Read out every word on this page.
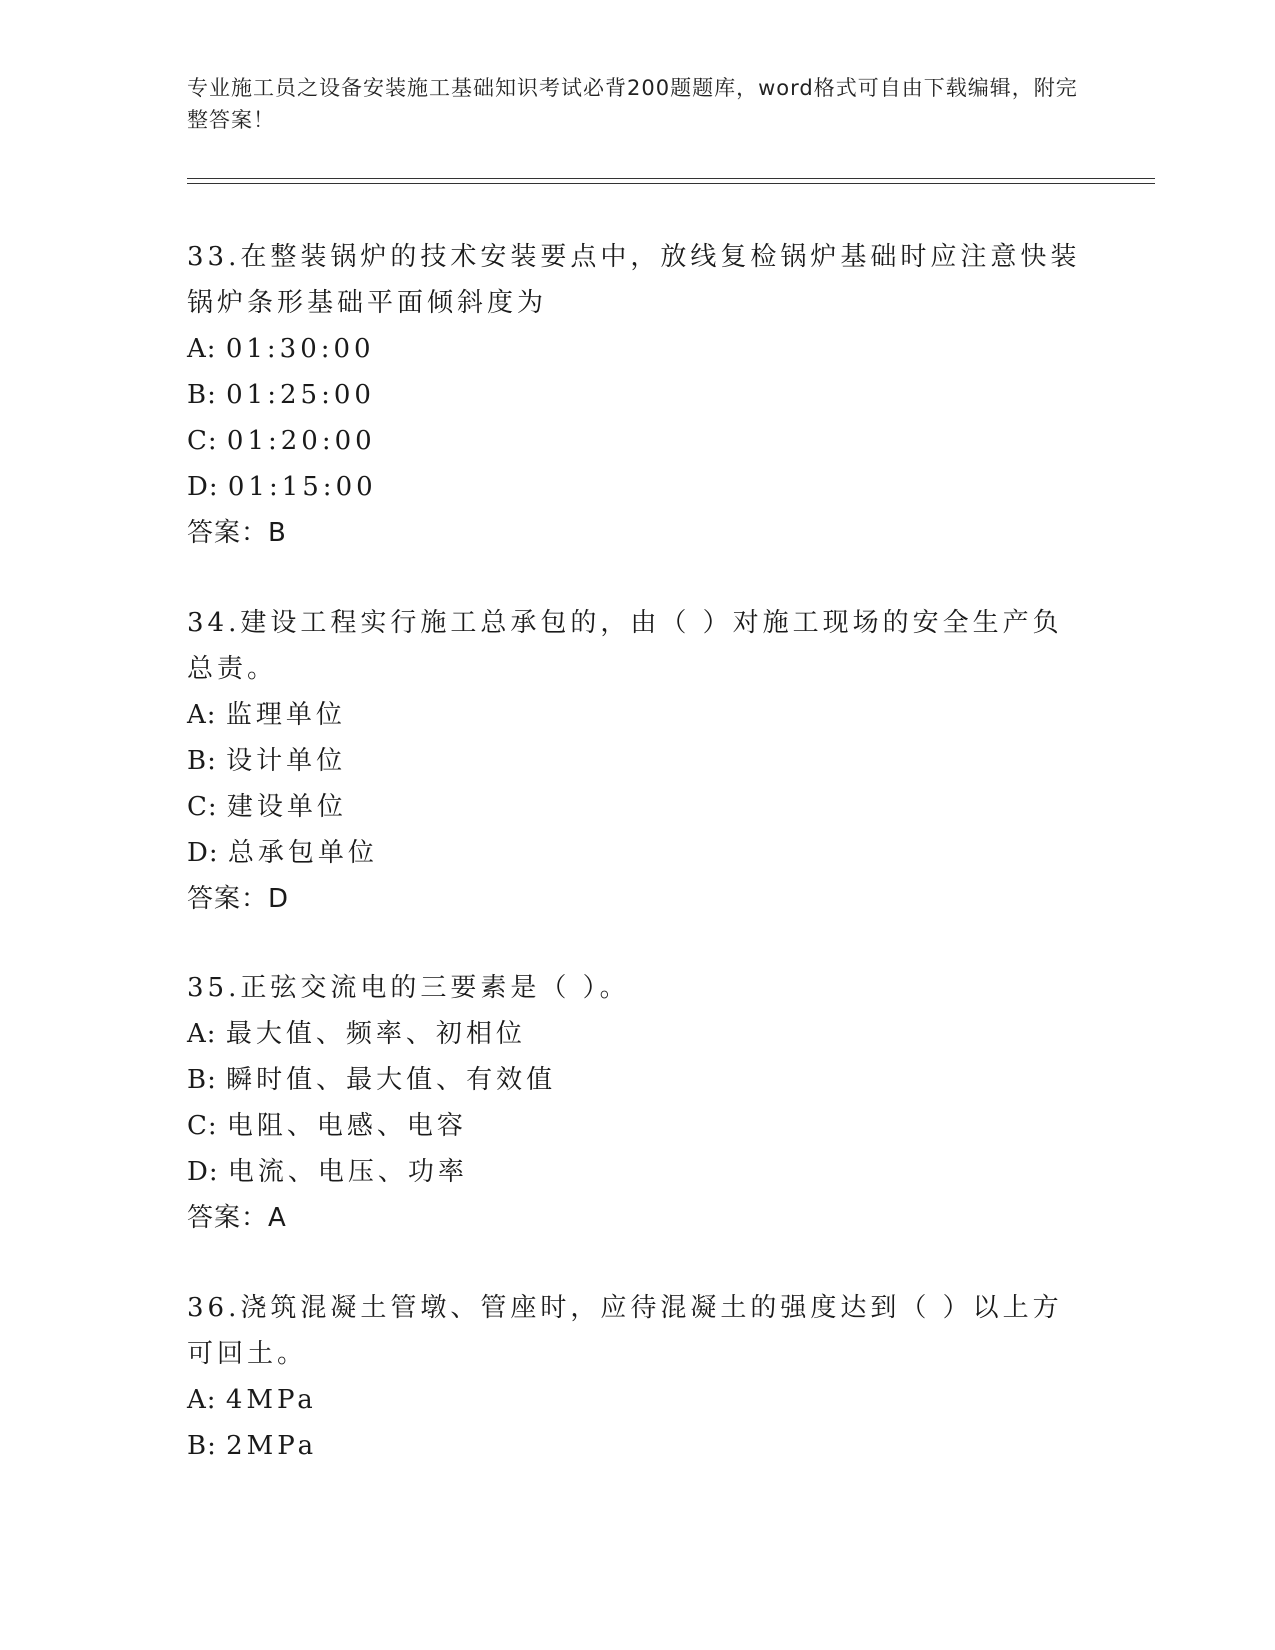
专业施工员之设备安装施工基础知识考试必背200题题库，word格式可自由下载编辑，附完整答案！

33.在整装锅炉的技术安装要点中，放线复检锅炉基础时应注意快装锅炉条形基础平面倾斜度为

A: 01:30:00

B: 01:25:00

C: 01:20:00

D: 01:15:00

答案：B

34.建设工程实行施工总承包的，由（ ）对施工现场的安全生产负总责。

A: 监理单位

B: 设计单位

C: 建设单位

D: 总承包单位

答案：D

35.正弦交流电的三要素是（ ）。

A: 最大值、频率、初相位

B: 瞬时值、最大值、有效值

C: 电阻、电感、电容

D: 电流、电压、功率

答案：A

36.浇筑混凝土管墩、管座时，应待混凝土的强度达到（ ）以上方可回土。

A: 4MPa

B: 2MPa
